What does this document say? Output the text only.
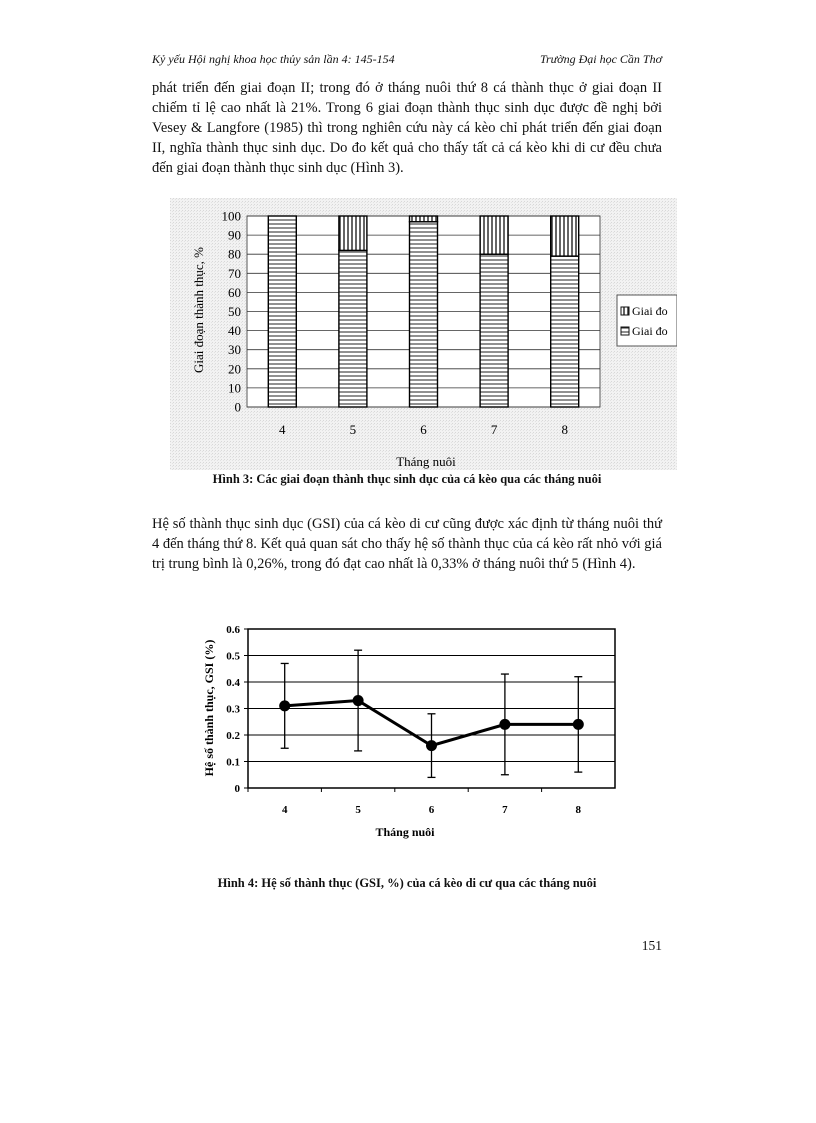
Kỷ yếu Hội nghị khoa học thủy sản lần 4: 145-154	Trường Đại học Cần Thơ

phát triển đến giai đoạn II; trong đó ở tháng nuôi thứ 8 cá thành thục ở giai đoạn II chiếm tỉ lệ cao nhất là 21%. Trong 6 giai đoạn thành thục sinh dục được đề nghị bởi Vesey & Langfore (1985) thì trong nghiên cứu này cá kèo chỉ phát triển đến giai đoạn II, nghĩa thành thục sinh dục. Do đo kết quả cho thấy tất cả cá kèo khi di cư đều chưa đến giai đoạn thành thục sinh dục (Hình 3).

0
10
20
30
40
50
60
70
80
90
100
4	5	6	7	8
Tháng nuôi
Giai đoạn thành thục, %	Giai đo
Giai đo
Hình 3: Các giai đoạn thành thục sinh dục của cá kèo qua các tháng nuôi

Hệ số thành thục sinh dục (GSI) của cá kèo di cư cũng được xác định từ tháng nuôi thứ 4 đến tháng thứ 8. Kết quả quan sát cho thấy hệ số thành thục của cá kèo rất nhỏ với giá trị trung bình là 0,26%, trong đó đạt cao nhất là 0,33% ở tháng nuôi thứ 5 (Hình 4).

0
0.1
0.2
0.3
0.4
0.5
0.6
4	5	6	7	8
Tháng nuôi
Hệ số thành thục, GSI (%)
Hình 4: Hệ số thành thục (GSI, %) của cá kèo di cư qua các tháng nuôi
151
